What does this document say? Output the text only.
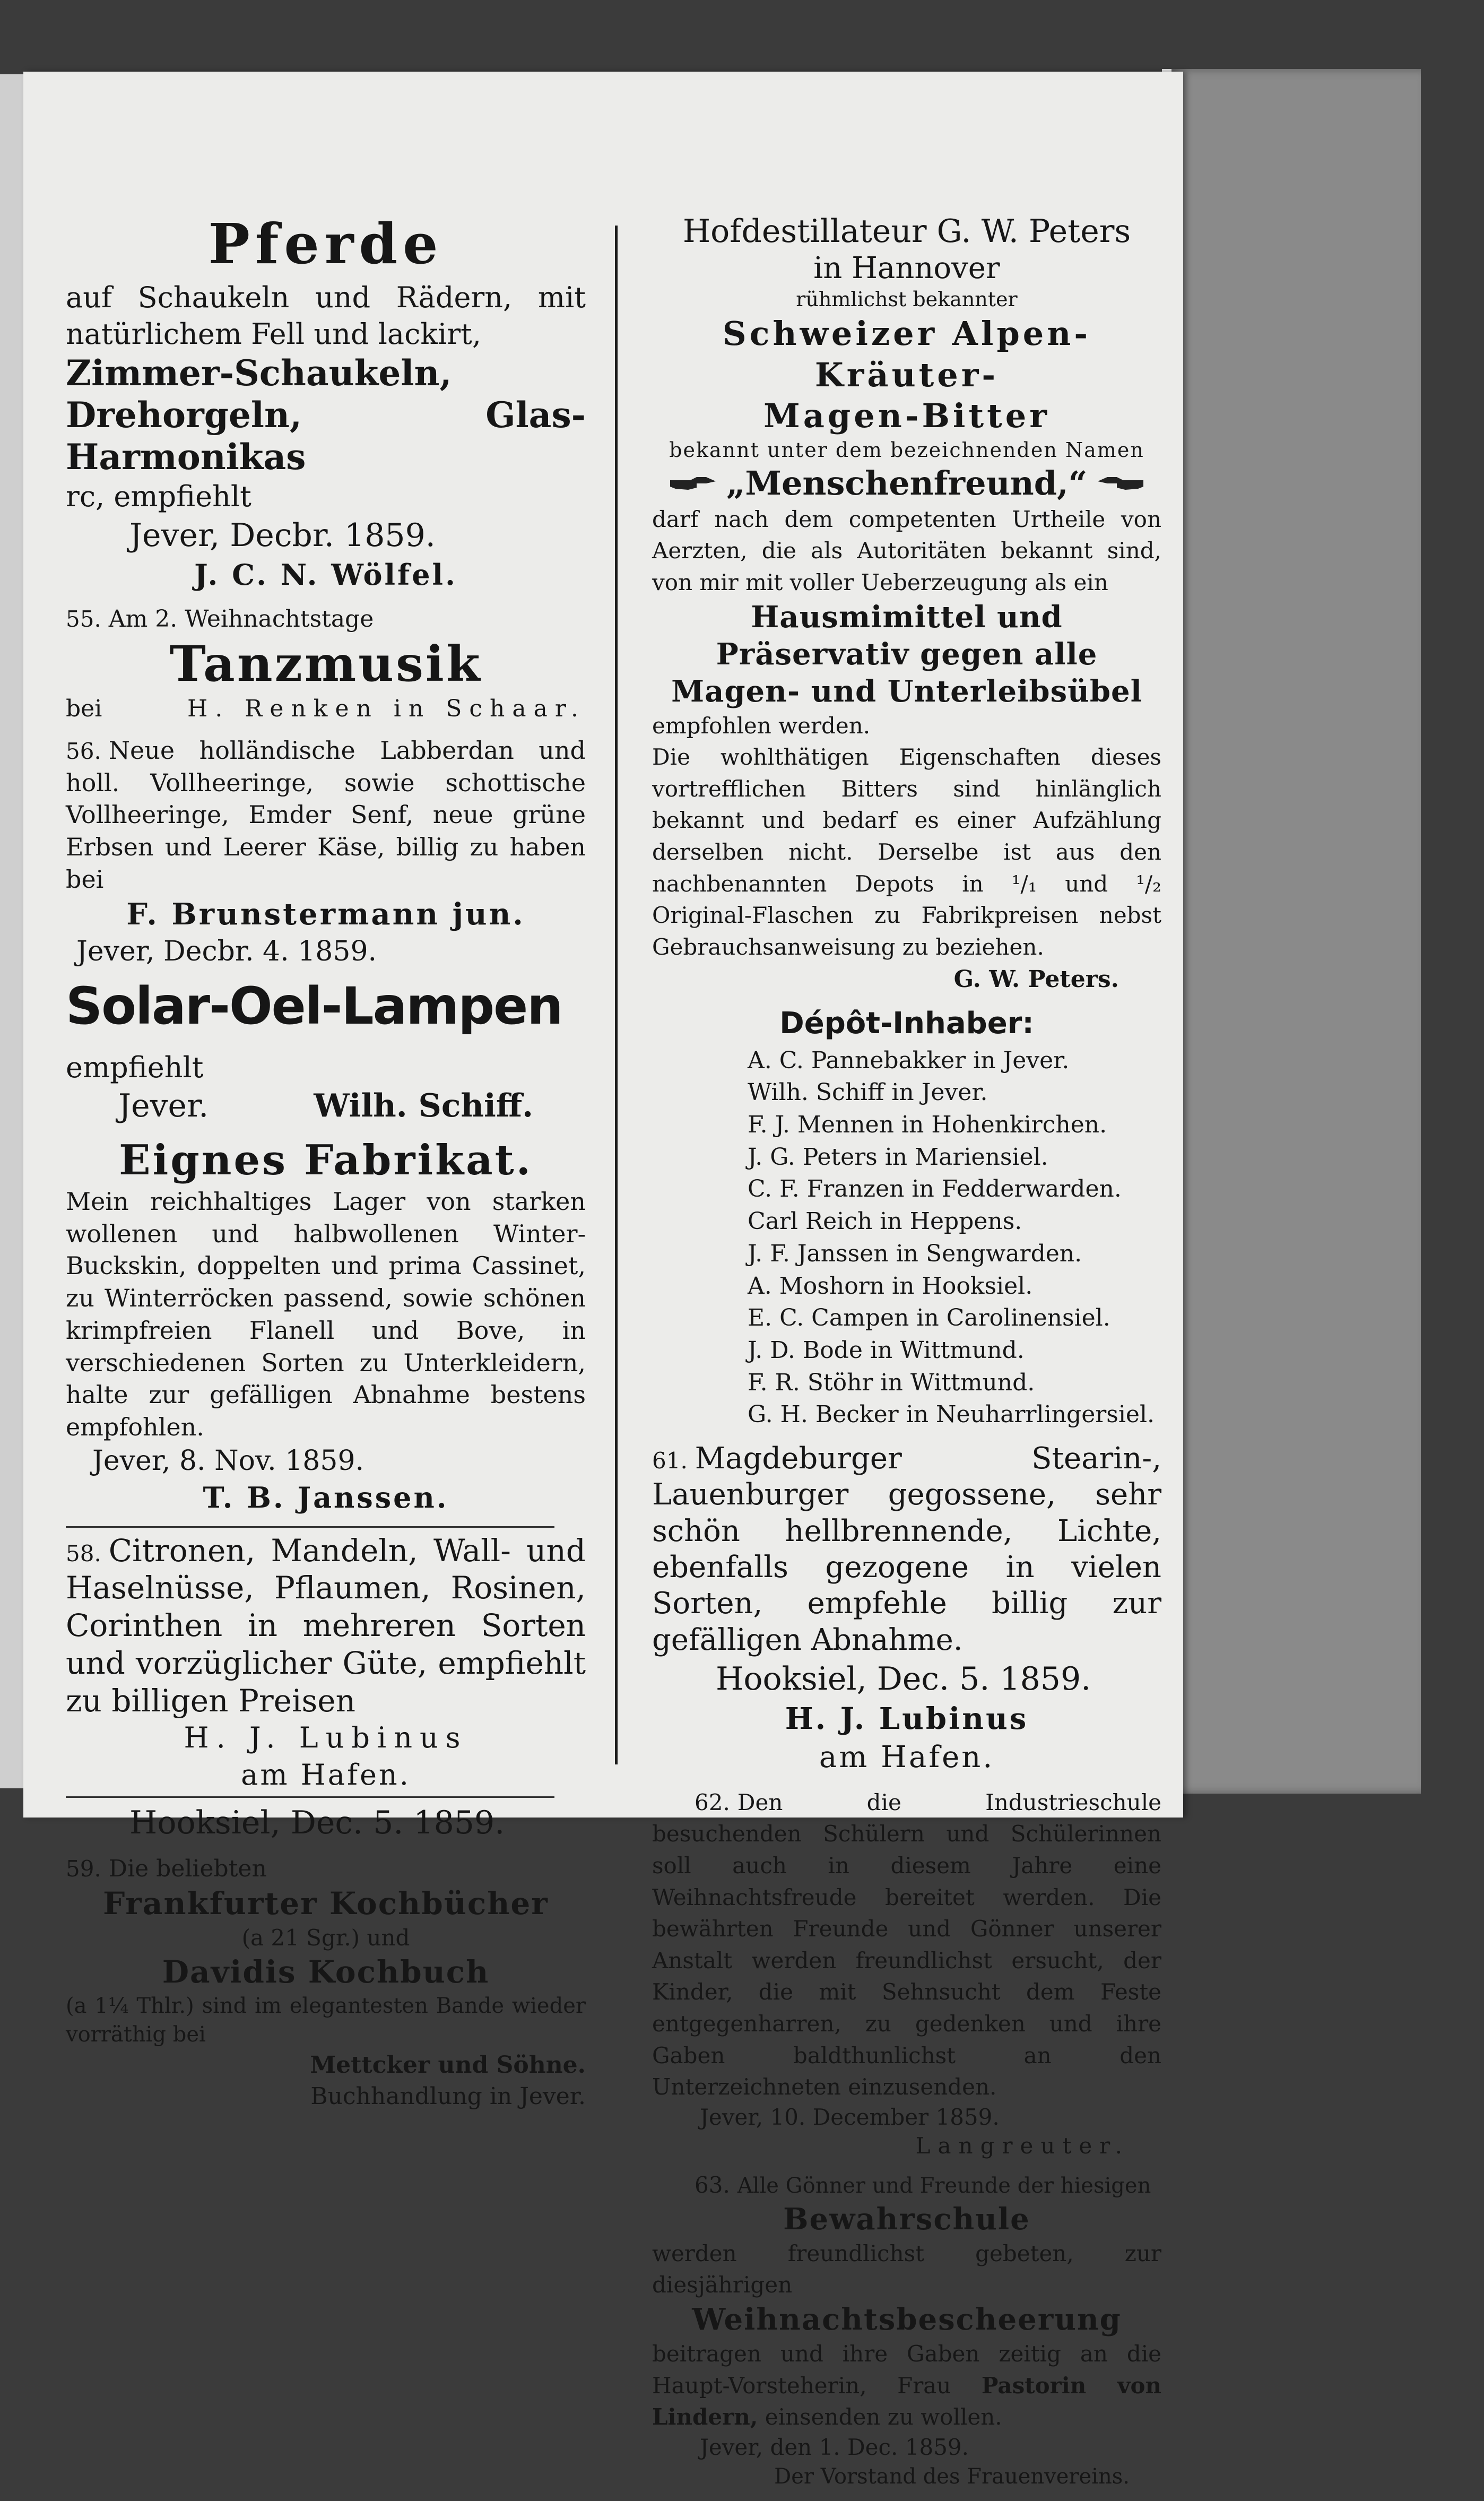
Pferde

auf Schaukeln und Rädern, mit natürlichem Fell und lackirt,

Zimmer-Schaukeln, Drehorgeln, Glas-Harmonikas

rc, empfiehlt

Jever, Decbr. 1859.

J. C. N. Wölfel.

55. Am 2. Weihnachtstage

Tanzmusik
bei	H. Renken in Schaar.

56. Neue holländische Labberdan und holl. Vollheeringe, sowie schottische Vollheeringe, Emder Senf, neue grüne Erbsen und Leerer Käse, billig zu haben bei

F. Brunstermann jun.

Jever, Decbr. 4. 1859.

Solar-Oel-Lampen empfiehlt

Jever.	Wilh. Schiff.
Eignes Fabrikat.

Mein reichhaltiges Lager von starken wollenen und halbwollenen Winter-Buckskin, doppelten und prima Cassinet, zu Winterröcken passend, sowie schönen krimpfreien Flanell und Bove, in verschiedenen Sorten zu Unterkleidern, halte zur gefälligen Abnahme bestens empfohlen.

Jever, 8. Nov. 1859.

T. B. Janssen.

58. Citronen, Mandeln, Wall- und Haselnüsse, Pflaumen, Rosinen, Corinthen in mehreren Sorten und vorzüglicher Güte, empfiehlt zu billigen Preisen

H. J. Lubinus

am Hafen.

Hooksiel, Dec. 5. 1859.

59. Die beliebten

Frankfurter Kochbücher

(a 21 Sgr.) und

Davidis Kochbuch

(a 1¼ Thlr.) sind im elegantesten Bande wieder vorräthig bei

Mettcker und Söhne.

Buchhandlung in Jever.

Hofdestillateur G. W. Peters

in Hannover

rühmlichst bekannter

Schweizer Alpen-Kräuter-

Magen-Bitter

bekannt unter dem bezeichnenden Namen

„Menschenfreund,“

darf nach dem competenten Urtheile von Aerzten, die als Autoritäten bekannt sind, von mir mit voller Ueberzeugung als ein

Hausmimittel und Präservativ gegen alle Magen- und Unterleibsübel

empfohlen werden.

Die wohlthätigen Eigenschaften dieses vortrefflichen Bitters sind hinlänglich bekannt und bedarf es einer Aufzählung derselben nicht. Derselbe ist aus den nachbenannten Depots in ¹/₁ und ¹/₂ Original-Flaschen zu Fabrikpreisen nebst Gebrauchsanweisung zu beziehen.

G. W. Peters.

Dépôt-Inhaber:

A. C. Pannebakker in Jever.

Wilh. Schiff in Jever.

F. J. Mennen in Hohenkirchen.

J. G. Peters in Mariensiel.

C. F. Franzen in Fedderwarden.

Carl Reich in Heppens.

J. F. Janssen in Sengwarden.

A. Moshorn in Hooksiel.

E. C. Campen in Carolinensiel.

J. D. Bode in Wittmund.

F. R. Stöhr in Wittmund.

G. H. Becker in Neuharrlingersiel.

61. Magdeburger Stearin-, Lauenburger gegossene, sehr schön hellbrennende, Lichte, ebenfalls gezogene in vielen Sorten, empfehle billig zur gefälligen Abnahme.

Hooksiel, Dec. 5. 1859.

H. J. Lubinus

am Hafen.

62. Den die Industrieschule besuchenden Schülern und Schülerinnen soll auch in diesem Jahre eine Weihnachtsfreude bereitet werden. Die bewährten Freunde und Gönner unserer Anstalt werden freundlichst ersucht, der Kinder, die mit Sehnsucht dem Feste entgegenharren, zu gedenken und ihre Gaben baldthunlichst an den Unterzeichneten einzusenden.

Jever, 10. December 1859.

Langreuter.

63. Alle Gönner und Freunde der hiesigen

Bewahrschule

werden freundlichst gebeten, zur diesjährigen

Weihnachtsbescheerung

beitragen und ihre Gaben zeitig an die Haupt-Vorsteherin, Frau Pastorin von Lindern, einsenden zu wollen.

Jever, den 1. Dec. 1859.

Der Vorstand des Frauenvereins.
